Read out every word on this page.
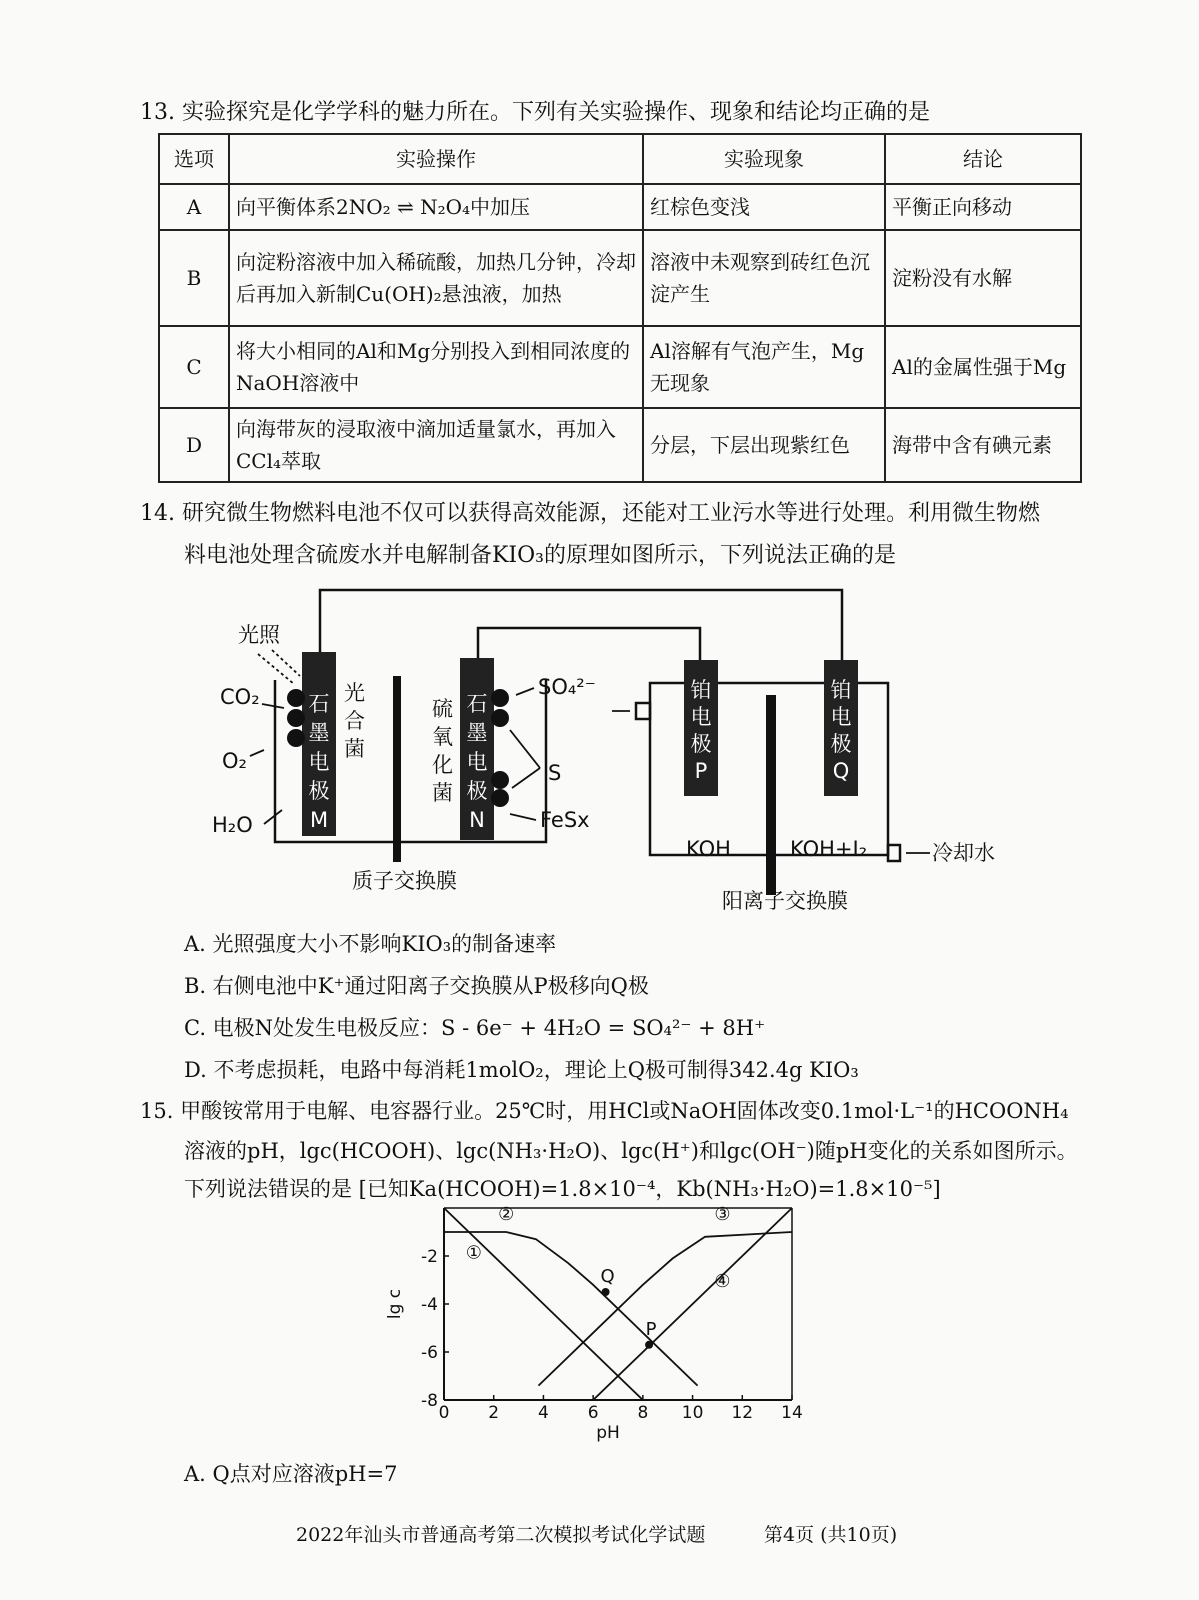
13. 实验探究是化学学科的魅力所在。下列有关实验操作、现象和结论均正确的是
选项	实验操作	实验现象	结论
A	向平衡体系2NO₂ ⇌ N₂O₄中加压	红棕色变浅	平衡正向移动
B	向淀粉溶液中加入稀硫酸，加热几分钟，冷却后再加入新制Cu(OH)₂悬浊液，加热	溶液中未观察到砖红色沉淀产生	淀粉没有水解
C	将大小相同的Al和Mg分别投入到相同浓度的NaOH溶液中	Al溶解有气泡产生，Mg无现象	Al的金属性强于Mg
D	向海带灰的浸取液中滴加适量氯水，再加入CCl₄萃取	分层，下层出现紫红色	海带中含有碘元素
14. 研究微生物燃料电池不仅可以获得高效能源，还能对工业污水等进行处理。利用微生物燃
料电池处理含硫废水并电解制备KIO₃的原理如图所示，下列说法正确的是
石
墨
电
极
M
石
墨
电
极
N
铂
电
极
P
铂
电
极
Q
光照
CO₂
O₂
H₂O
光
合
菌
硫
氧
化
菌
SO₄²⁻
S
FeSx
质子交换膜
KOH	KOH+I₂	冷却水
阳离子交换膜
A. 光照强度大小不影响KIO₃的制备速率
B. 右侧电池中K⁺通过阳离子交换膜从P极移向Q极
C. 电极N处发生电极反应：S - 6e⁻ + 4H₂O = SO₄²⁻ + 8H⁺
D. 不考虑损耗，电路中每消耗1molO₂，理论上Q极可制得342.4g KIO₃
15. 甲酸铵常用于电解、电容器行业。25℃时，用HCl或NaOH固体改变0.1mol·L⁻¹的HCOONH₄
溶液的pH，lgc(HCOOH)、lgc(NH₃·H₂O)、lgc(H⁺)和lgc(OH⁻)随pH变化的关系如图所示。
下列说法错误的是 [已知Ka(HCOOH)=1.8×10⁻⁴，Kb(NH₃·H₂O)=1.8×10⁻⁵]
0 2 4 6 8 10 12 14
-2
-4
-6
-8
pH
lg c
①
②	③
④
Q
P
A. Q点对应溶液pH=7
2022年汕头市普通高考第二次模拟考试化学试题	第4页 (共10页)
